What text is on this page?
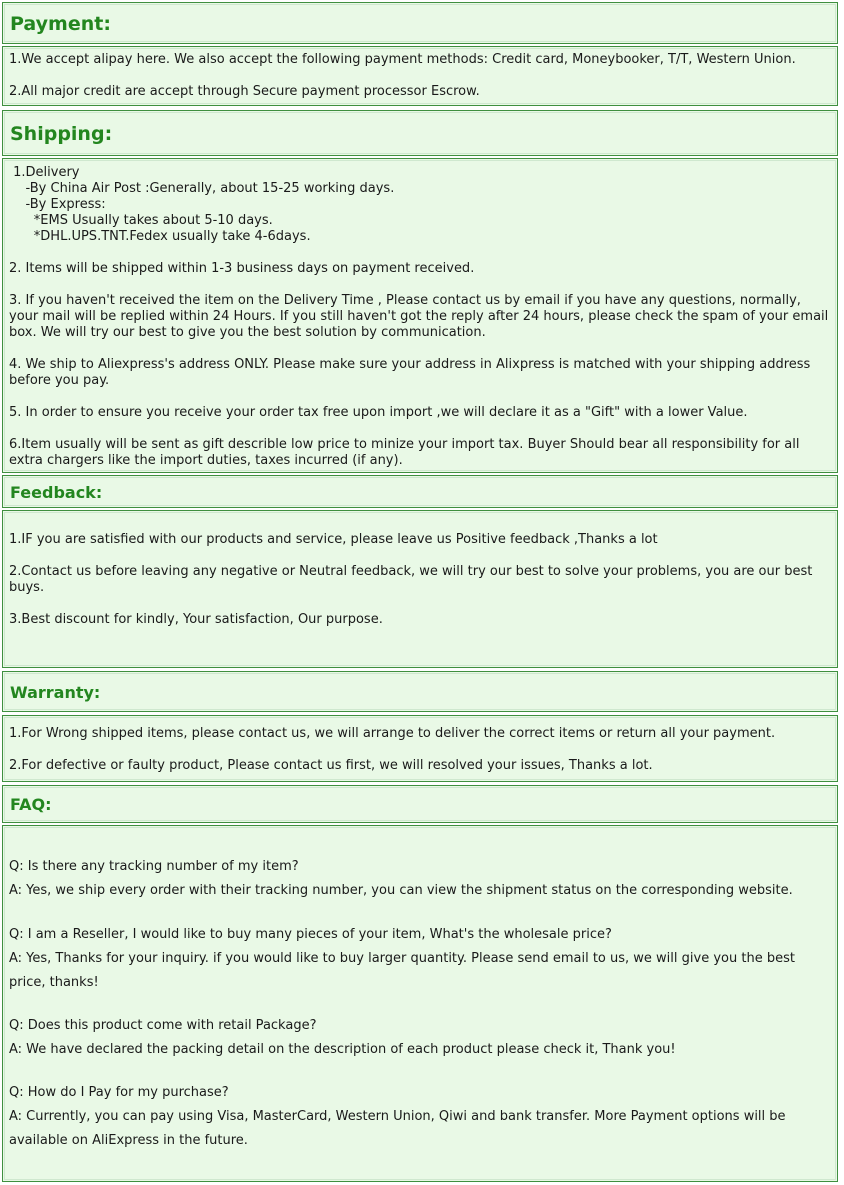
Payment:

1.We accept alipay here. We also accept the following payment methods: Credit card, Moneybooker, T/T, Western Union.

2.All major credit are accept through Secure payment processor Escrow.

Shipping:

1.Delivery

-By China Air Post :Generally, about 15-25 working days.

-By Express:

*EMS Usually takes about 5-10 days.

*DHL.UPS.TNT.Fedex usually take 4-6days.

2. Items will be shipped within 1-3 business days on payment received.

3. If you haven't received the item on the Delivery Time , Please contact us by email if you have any questions, normally, your mail will be replied within 24 Hours. If you still haven't got the reply after 24 hours, please check the spam of your email box. We will try our best to give you the best solution by communication.

4. We ship to Aliexpress's address ONLY. Please make sure your address in Alixpress is matched with your shipping address before you pay.

5. In order to ensure you receive your order tax free upon import ,we will declare it as a "Gift" with a lower Value.

6.Item usually will be sent as gift describle low price to minize your import tax. Buyer Should bear all responsibility for all extra chargers like the import duties, taxes incurred (if any).

Feedback:

1.IF you are satisfied with our products and service, please leave us Positive feedback ,Thanks a lot

2.Contact us before leaving any negative or Neutral feedback, we will try our best to solve your problems, you are our best buys.

3.Best discount for kindly, Your satisfaction, Our purpose.

Warranty:

1.For Wrong shipped items, please contact us, we will arrange to deliver the correct items or return all your payment.

2.For defective or faulty product, Please contact us first, we will resolved your issues, Thanks a lot.

FAQ:

Q: Is there any tracking number of my item?

A: Yes, we ship every order with their tracking number, you can view the shipment status on the corresponding website.

Q: I am a Reseller, I would like to buy many pieces of your item, What's the wholesale price?

A: Yes, Thanks for your inquiry. if you would like to buy larger quantity. Please send email to us, we will give you the best price, thanks!

Q: Does this product come with retail Package?

A: We have declared the packing detail on the description of each product please check it, Thank you!

Q: How do I Pay for my purchase?

A: Currently, you can pay using Visa, MasterCard, Western Union, Qiwi and bank transfer. More Payment options will be available on AliExpress in the future.
